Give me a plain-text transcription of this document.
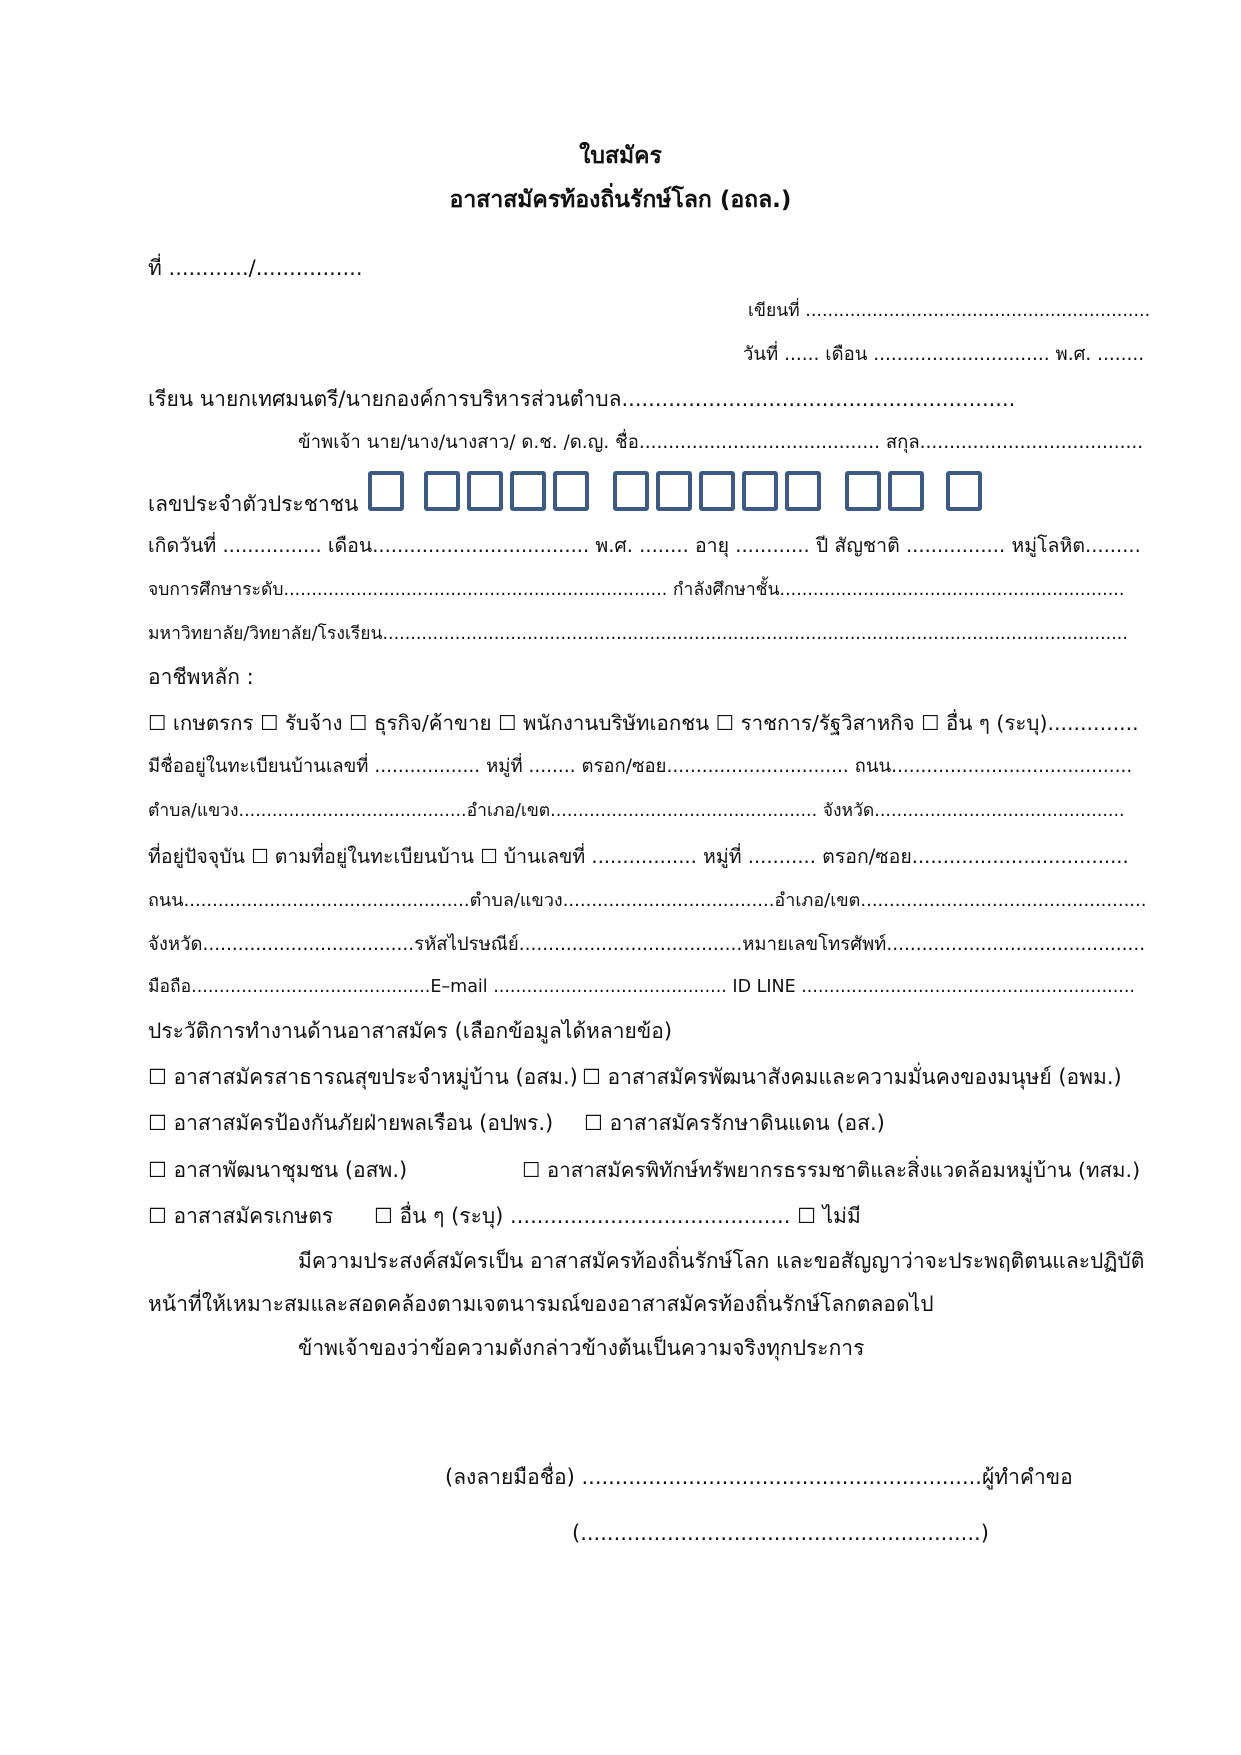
ใบสมัคร
อาสาสมัครท้องถิ่นรักษ์โลก (อถล.)
ที่ ............/................
เขียนที่ ..............................................................
วันที่ ...... เดือน .............................. พ.ศ. ........
เรียน นายกเทศมนตรี/นายกองค์การบริหารส่วนตำบล...........................................................
ข้าพเจ้า นาย/นาง/นางสาว/ ด.ช. /ด.ญ. ชื่อ......................................... สกุล......................................
เลขประจำตัวประชาชน
เกิดวันที่ ................ เดือน................................... พ.ศ. ........ อายุ ............ ปี สัญชาติ ................ หมู่โลหิต.........
จบการศึกษาระดับ..................................................................... กำลังศึกษาชั้น..............................................................
มหาวิทยาลัย/วิทยาลัย/โรงเรียน......................................................................................................................................
อาชีพหลัก :
☐ เกษตรกร ☐ รับจ้าง ☐ ธุรกิจ/ค้าขาย ☐ พนักงานบริษัทเอกชน ☐ ราชการ/รัฐวิสาหกิจ ☐ อื่น ๆ (ระบุ)..............
มีชื่ออยู่ในทะเบียนบ้านเลขที่ .................. หมู่ที่ ........ ตรอก/ซอย............................... ถนน.........................................
ตำบล/แขวง.........................................อำเภอ/เขต................................................ จังหวัด.............................................
ที่อยู่ปัจจุบัน ☐ ตามที่อยู่ในทะเบียนบ้าน ☐ บ้านเลขที่ ................. หมู่ที่ ........... ตรอก/ซอย...................................
ถนน..................................................ตำบล/แขวง.....................................อำเภอ/เขต..................................................
จังหวัด....................................รหัสไปรษณีย์......................................หมายเลขโทรศัพท์............................................
มือถือ...........................................E–mail .......................................... ID LINE ............................................................
ประวัติการทำงานด้านอาสาสมัคร (เลือกข้อมูลได้หลายข้อ)
☐ อาสาสมัครสาธารณสุขประจำหมู่บ้าน (อสม.) ☐ อาสาสมัครพัฒนาสังคมและความมั่นคงของมนุษย์ (อพม.)
☐ อาสาสมัครป้องกันภัยฝ่ายพลเรือน (อปพร.) ☐ อาสาสมัครรักษาดินแดน (อส.)
☐ อาสาพัฒนาชุมชน (อสพ.)	☐ อาสาสมัครพิทักษ์ทรัพยากรธรรมชาติและสิ่งแวดล้อมหมู่บ้าน (ทสม.)
☐ อาสาสมัครเกษตร ☐ อื่น ๆ (ระบุ) .......................................... ☐ ไม่มี
มีความประสงค์สมัครเป็น อาสาสมัครท้องถิ่นรักษ์โลก และขอสัญญาว่าจะประพฤติตนและปฏิบัติ
หน้าที่ให้เหมาะสมและสอดคล้องตามเจตนารมณ์ของอาสาสมัครท้องถิ่นรักษ์โลกตลอดไป
ข้าพเจ้าของว่าข้อความดังกล่าวข้างต้นเป็นความจริงทุกประการ
(ลงลายมือชื่อ) ............................................................ผู้ทำคำขอ
(............................................................)
